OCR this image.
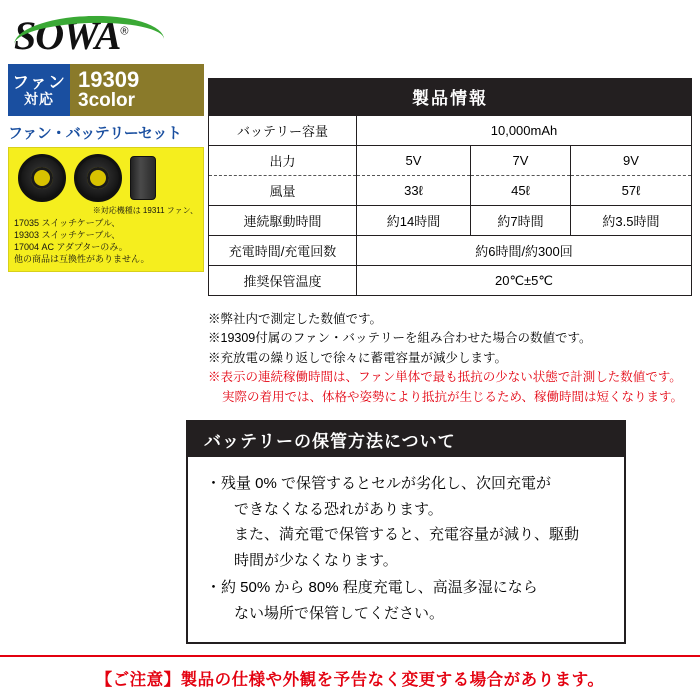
SOWA®
ファン
対応
19309
3color
ファン・バッテリーセット
※対応機種は 19311 ファン、
17035 スイッチケーブル、
19303 スイッチケーブル、
17004 AC アダプターのみ。
他の商品は互換性がありません。
製品情報
バッテリー容量	10,000mAh		
出力	5V	7V	9V
風量	33ℓ	45ℓ	57ℓ
連続駆動時間	約14時間	約7時間	約3.5時間
充電時間/充電回数	約6時間/約300回		
推奨保管温度	20℃±5℃		
※弊社内で測定した数値です。
※19309付属のファン・バッテリーを組み合わせた場合の数値です。
※充放電の繰り返しで徐々に蓄電容量が減少します。
※表示の連続稼働時間は、ファン単体で最も抵抗の少ない状態で計測した数値です。
実際の着用では、体格や姿勢により抵抗が生じるため、稼働時間は短くなります。
バッテリーの保管方法について
・残量 0% で保管するとセルが劣化し、次回充電が
できなくなる恐れがあります。
また、満充電で保管すると、充電容量が減り、駆動
時間が少なくなります。
・約 50% から 80% 程度充電し、高温多湿になら
ない場所で保管してください。
【ご注意】製品の仕様や外観を予告なく変更する場合があります。
